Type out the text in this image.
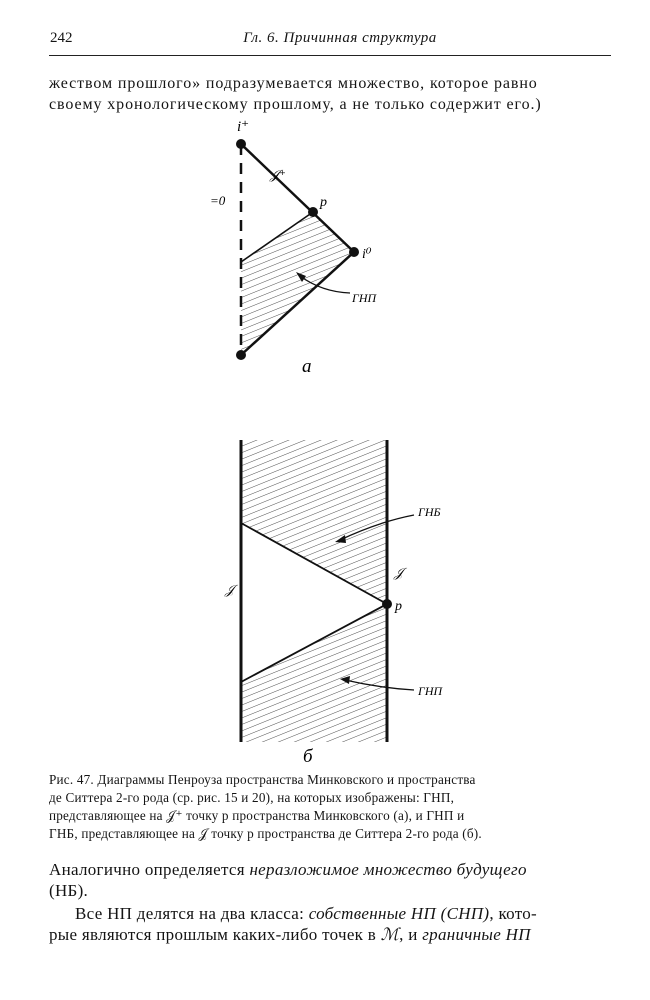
242	Гл. 6. Причинная структура
жеством прошлого» подразумевается множество, которое равно
своему хронологическому прошлому, а не только содержит его.)
i⁺
𝒥⁺
=0	p
i⁰
ГНП
а
ГНБ
𝒥
𝒥
p
ГНП
б
Рис. 47. Диаграммы Пенроуза пространства Минковского и пространства
де Ситтера 2-го рода (ср. рис. 15 и 20), на которых изображены: ГНП,
представляющее на 𝒥⁺ точку p пространства Минковского (а), и ГНП и
ГНБ, представляющее на 𝒥 точку p пространства де Ситтера 2-го рода (б).
Аналогично определяется неразложимое множество будущего
(НБ).
Все НП делятся на два класса: собственные НП (СНП), кото-
рые являются прошлым каких-либо точек в ℳ, и граничные НП
